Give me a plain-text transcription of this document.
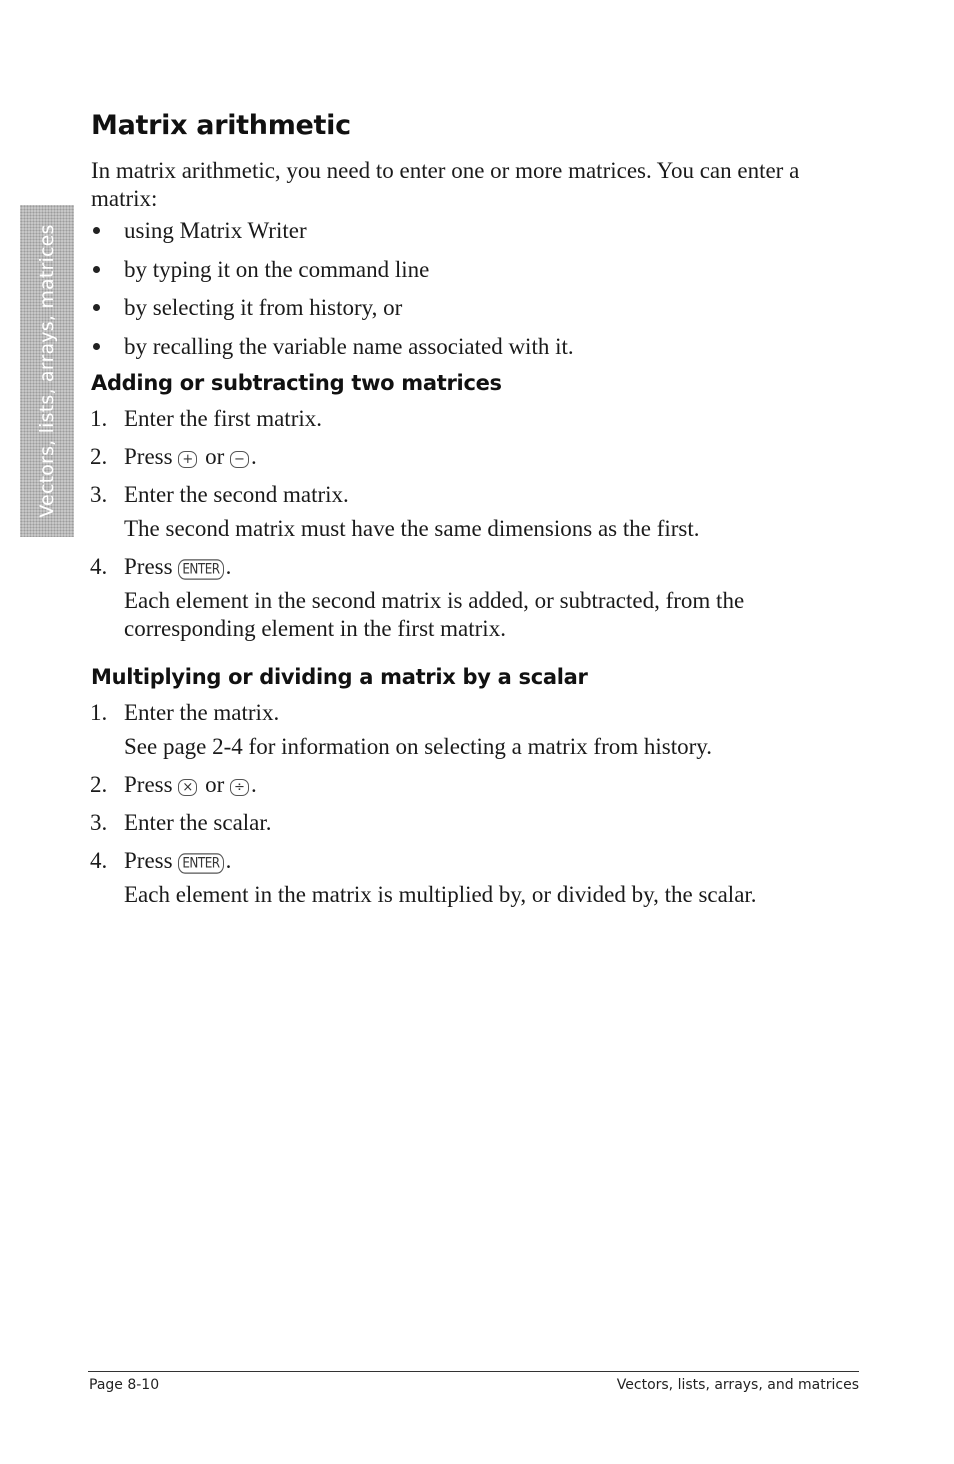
Vectors, lists, arrays, matrices
Matrix arithmetic

In matrix arithmetic, you need to enter one or more matrices. You can enter a matrix:

using Matrix Writer
by typing it on the command line
by selecting it from history, or
by recalling the variable name associated with it.
Adding or subtracting two matrices
1. Enter the first matrix.
2. Press + or − .
3. Enter the second matrix.
The second matrix must have the same dimensions as the first.
4. Press ENTER .
Each element in the second matrix is added, or subtracted, from the corresponding element in the first matrix.
Multiplying or dividing a matrix by a scalar
1. Enter the matrix.
See page 2-4 for information on selecting a matrix from history.
2. Press × or ÷ .
3. Enter the scalar.
4. Press ENTER .
Each element in the matrix is multiplied by, or divided by, the scalar.
Page 8-10	Vectors, lists, arrays, and matrices
